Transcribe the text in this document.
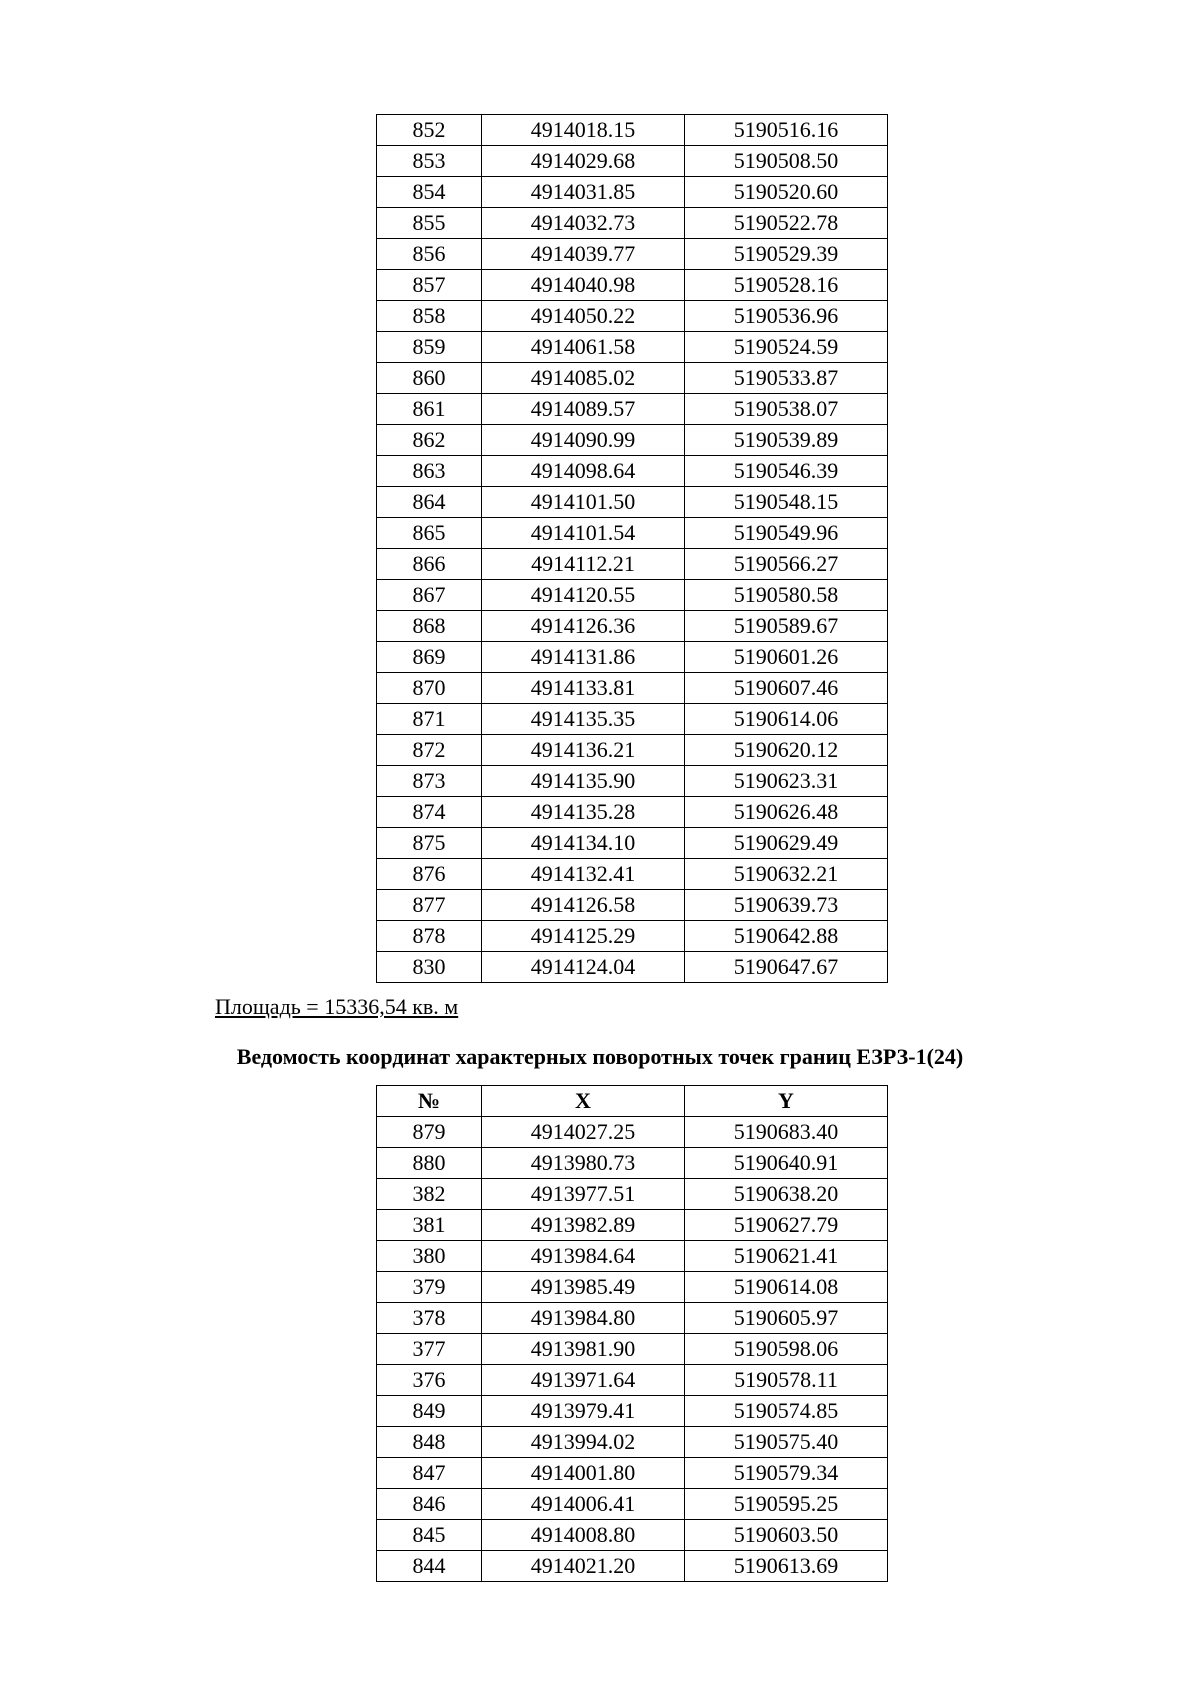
852	4914018.15	5190516.16
853	4914029.68	5190508.50
854	4914031.85	5190520.60
855	4914032.73	5190522.78
856	4914039.77	5190529.39
857	4914040.98	5190528.16
858	4914050.22	5190536.96
859	4914061.58	5190524.59
860	4914085.02	5190533.87
861	4914089.57	5190538.07
862	4914090.99	5190539.89
863	4914098.64	5190546.39
864	4914101.50	5190548.15
865	4914101.54	5190549.96
866	4914112.21	5190566.27
867	4914120.55	5190580.58
868	4914126.36	5190589.67
869	4914131.86	5190601.26
870	4914133.81	5190607.46
871	4914135.35	5190614.06
872	4914136.21	5190620.12
873	4914135.90	5190623.31
874	4914135.28	5190626.48
875	4914134.10	5190629.49
876	4914132.41	5190632.21
877	4914126.58	5190639.73
878	4914125.29	5190642.88
830	4914124.04	5190647.67
Площадь = 15336,54 кв. м
Ведомость координат характерных поворотных точек границ ЕЗРЗ-1(24)
№	X	Y
879	4914027.25	5190683.40
880	4913980.73	5190640.91
382	4913977.51	5190638.20
381	4913982.89	5190627.79
380	4913984.64	5190621.41
379	4913985.49	5190614.08
378	4913984.80	5190605.97
377	4913981.90	5190598.06
376	4913971.64	5190578.11
849	4913979.41	5190574.85
848	4913994.02	5190575.40
847	4914001.80	5190579.34
846	4914006.41	5190595.25
845	4914008.80	5190603.50
844	4914021.20	5190613.69
